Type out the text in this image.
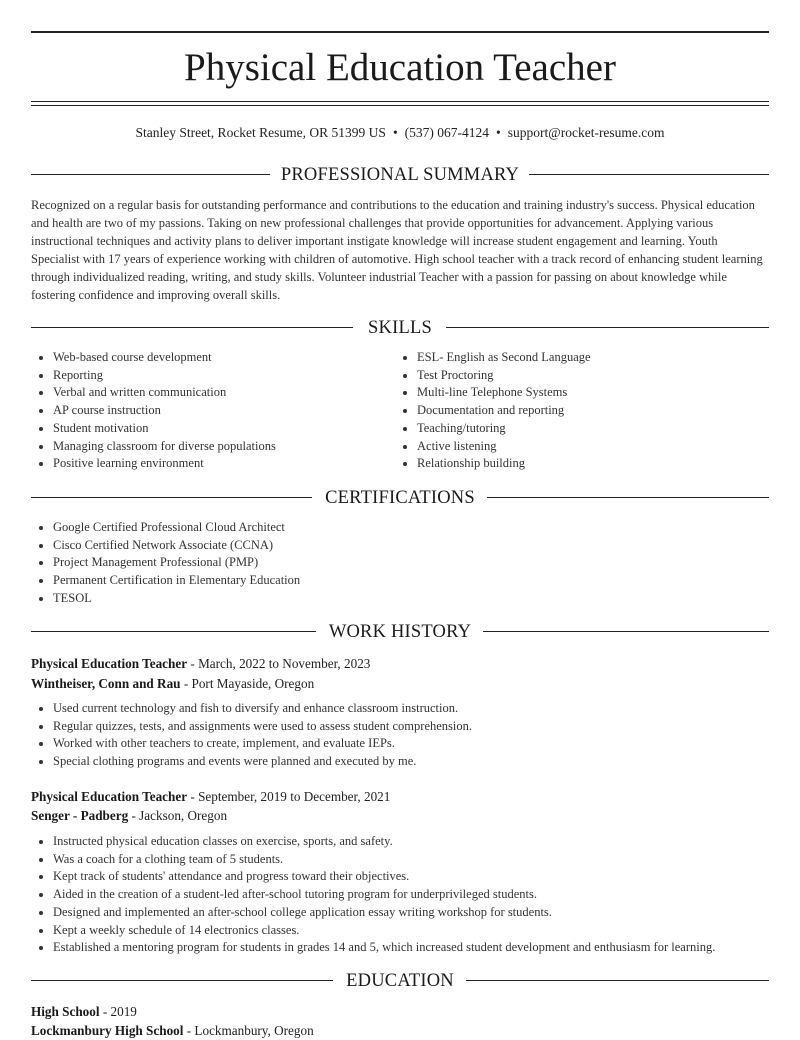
Physical Education Teacher
Stanley Street, Rocket Resume, OR 51399 US • (537) 067-4124 • support@rocket-resume.com
PROFESSIONAL SUMMARY
Recognized on a regular basis for outstanding performance and contributions to the education and training industry's success. Physical education and health are two of my passions. Taking on new professional challenges that provide opportunities for advancement. Applying various instructional techniques and activity plans to deliver important instigate knowledge will increase student engagement and learning. Youth Specialist with 17 years of experience working with children of automotive. High school teacher with a track record of enhancing student learning through individualized reading, writing, and study skills. Volunteer industrial Teacher with a passion for passing on about knowledge while fostering confidence and improving overall skills.
SKILLS
• Web-based course development
• Reporting
• Verbal and written communication
• AP course instruction
• Student motivation
• Managing classroom for diverse populations
• Positive learning environment
• ESL- English as Second Language
• Test Proctoring
• Multi-line Telephone Systems
• Documentation and reporting
• Teaching/tutoring
• Active listening
• Relationship building
CERTIFICATIONS
• Google Certified Professional Cloud Architect
• Cisco Certified Network Associate (CCNA)
• Project Management Professional (PMP)
• Permanent Certification in Elementary Education
• TESOL
WORK HISTORY
Physical Education Teacher - March, 2022 to November, 2023
Wintheiser, Conn and Rau - Port Mayaside, Oregon
• Used current technology and fish to diversify and enhance classroom instruction.
• Regular quizzes, tests, and assignments were used to assess student comprehension.
• Worked with other teachers to create, implement, and evaluate IEPs.
• Special clothing programs and events were planned and executed by me.
Physical Education Teacher - September, 2019 to December, 2021
Senger - Padberg - Jackson, Oregon
• Instructed physical education classes on exercise, sports, and safety.
• Was a coach for a clothing team of 5 students.
• Kept track of students' attendance and progress toward their objectives.
• Aided in the creation of a student-led after-school tutoring program for underprivileged students.
• Designed and implemented an after-school college application essay writing workshop for students.
• Kept a weekly schedule of 14 electronics classes.
• Established a mentoring program for students in grades 14 and 5, which increased student development and enthusiasm for learning.
EDUCATION
High School - 2019
Lockmanbury High School - Lockmanbury, Oregon
